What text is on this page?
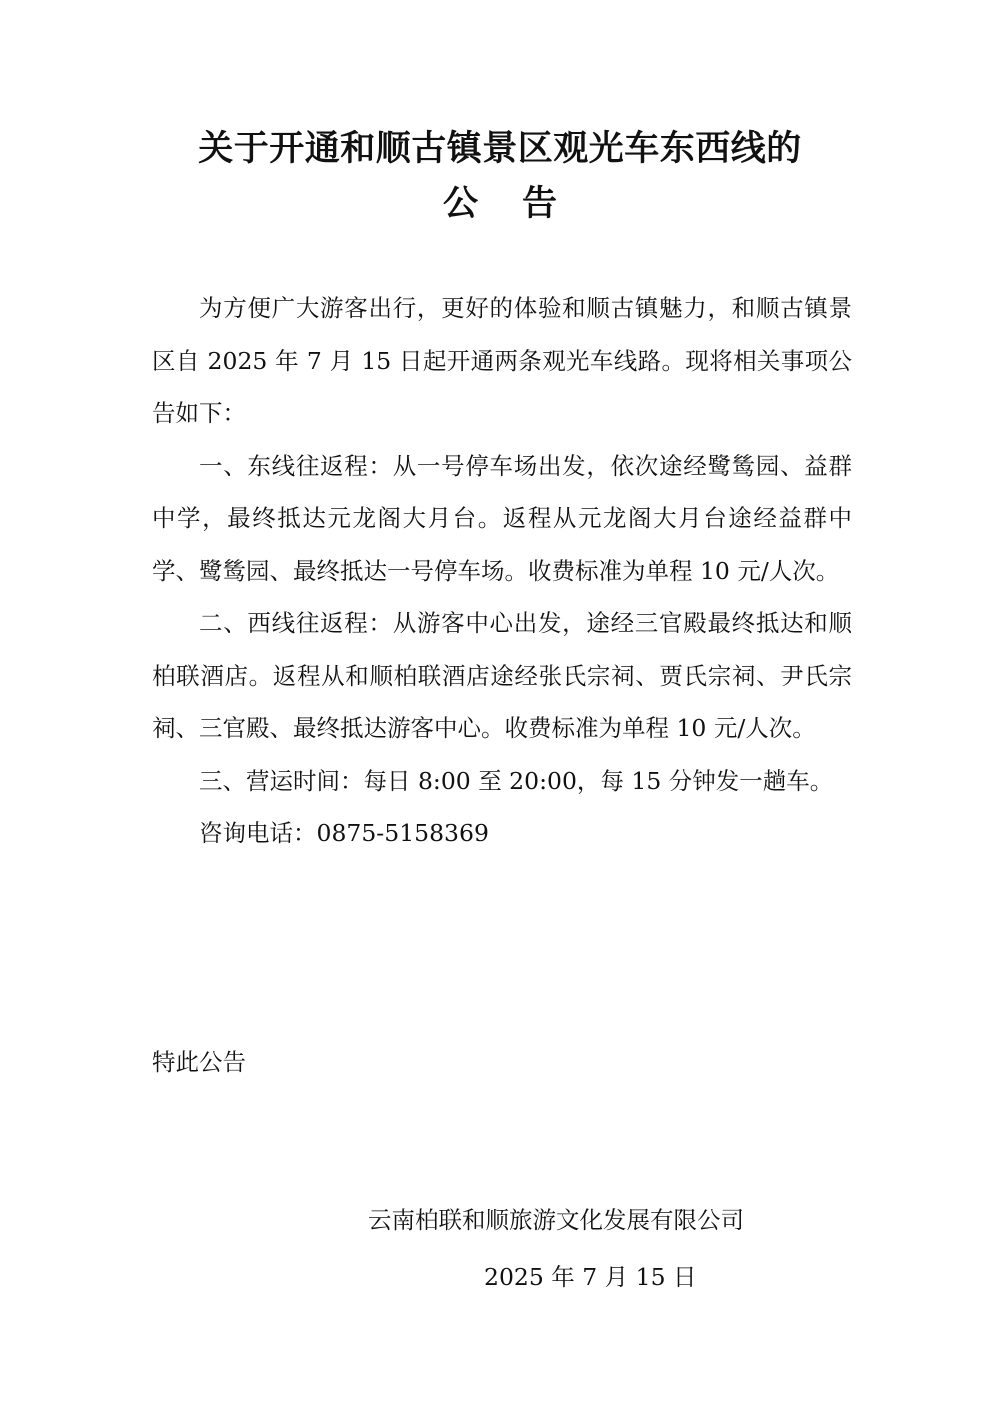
关于开通和顺古镇景区观光车东西线的
公告

为方便广大游客出行，更好的体验和顺古镇魅力，和顺古镇景区自 2025 年 7 月 15 日起开通两条观光车线路。现将相关事项公告如下：

一、东线往返程：从一号停车场出发，依次途经鹭鸶园、益群中学，最终抵达元龙阁大月台。返程从元龙阁大月台途经益群中学、鹭鸶园、最终抵达一号停车场。收费标准为单程 10 元/人次。

二、西线往返程：从游客中心出发，途经三官殿最终抵达和顺柏联酒店。返程从和顺柏联酒店途经张氏宗祠、贾氏宗祠、尹氏宗祠、三官殿、最终抵达游客中心。收费标准为单程 10 元/人次。

三、营运时间：每日 8:00 至 20:00，每 15 分钟发一趟车。

咨询电话：0875-5158369

特此公告
云南柏联和顺旅游文化发展有限公司
2025 年 7 月 15 日
